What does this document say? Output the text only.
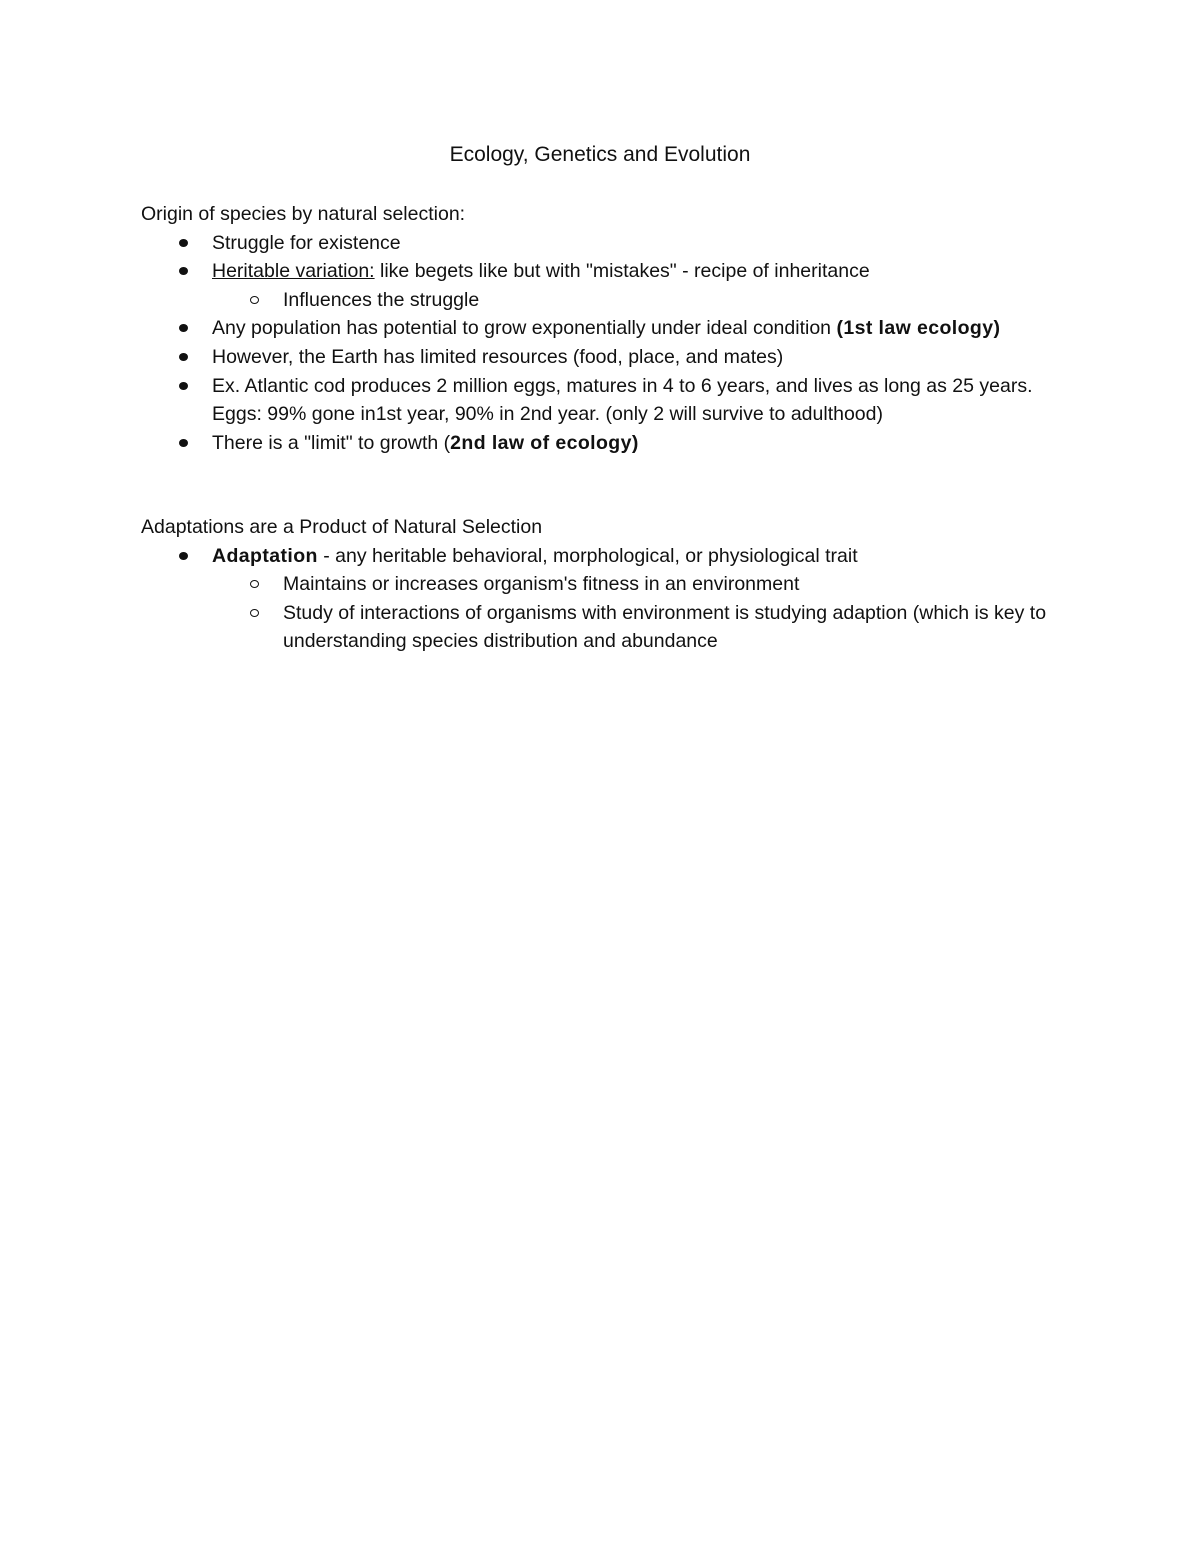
Ecology, Genetics and Evolution

Origin of species by natural selection:

Struggle for existence
Heritable variation: like begets like but with "mistakes" - recipe of inheritance
Influences the struggle
Any population has potential to grow exponentially under ideal condition (1st law ecology)
However, the Earth has limited resources (food, place, and mates)
Ex. Atlantic cod produces 2 million eggs, matures in 4 to 6 years, and lives as long as 25 years. Eggs: 99% gone in1st year, 90% in 2nd year. (only 2 will survive to adulthood)
There is a "limit" to growth (2nd law of ecology)

Adaptations are a Product of Natural Selection

Adaptation - any heritable behavioral, morphological, or physiological trait
Maintains or increases organism's fitness in an environment
Study of interactions of organisms with environment is studying adaption (which is key to understanding species distribution and abundance
